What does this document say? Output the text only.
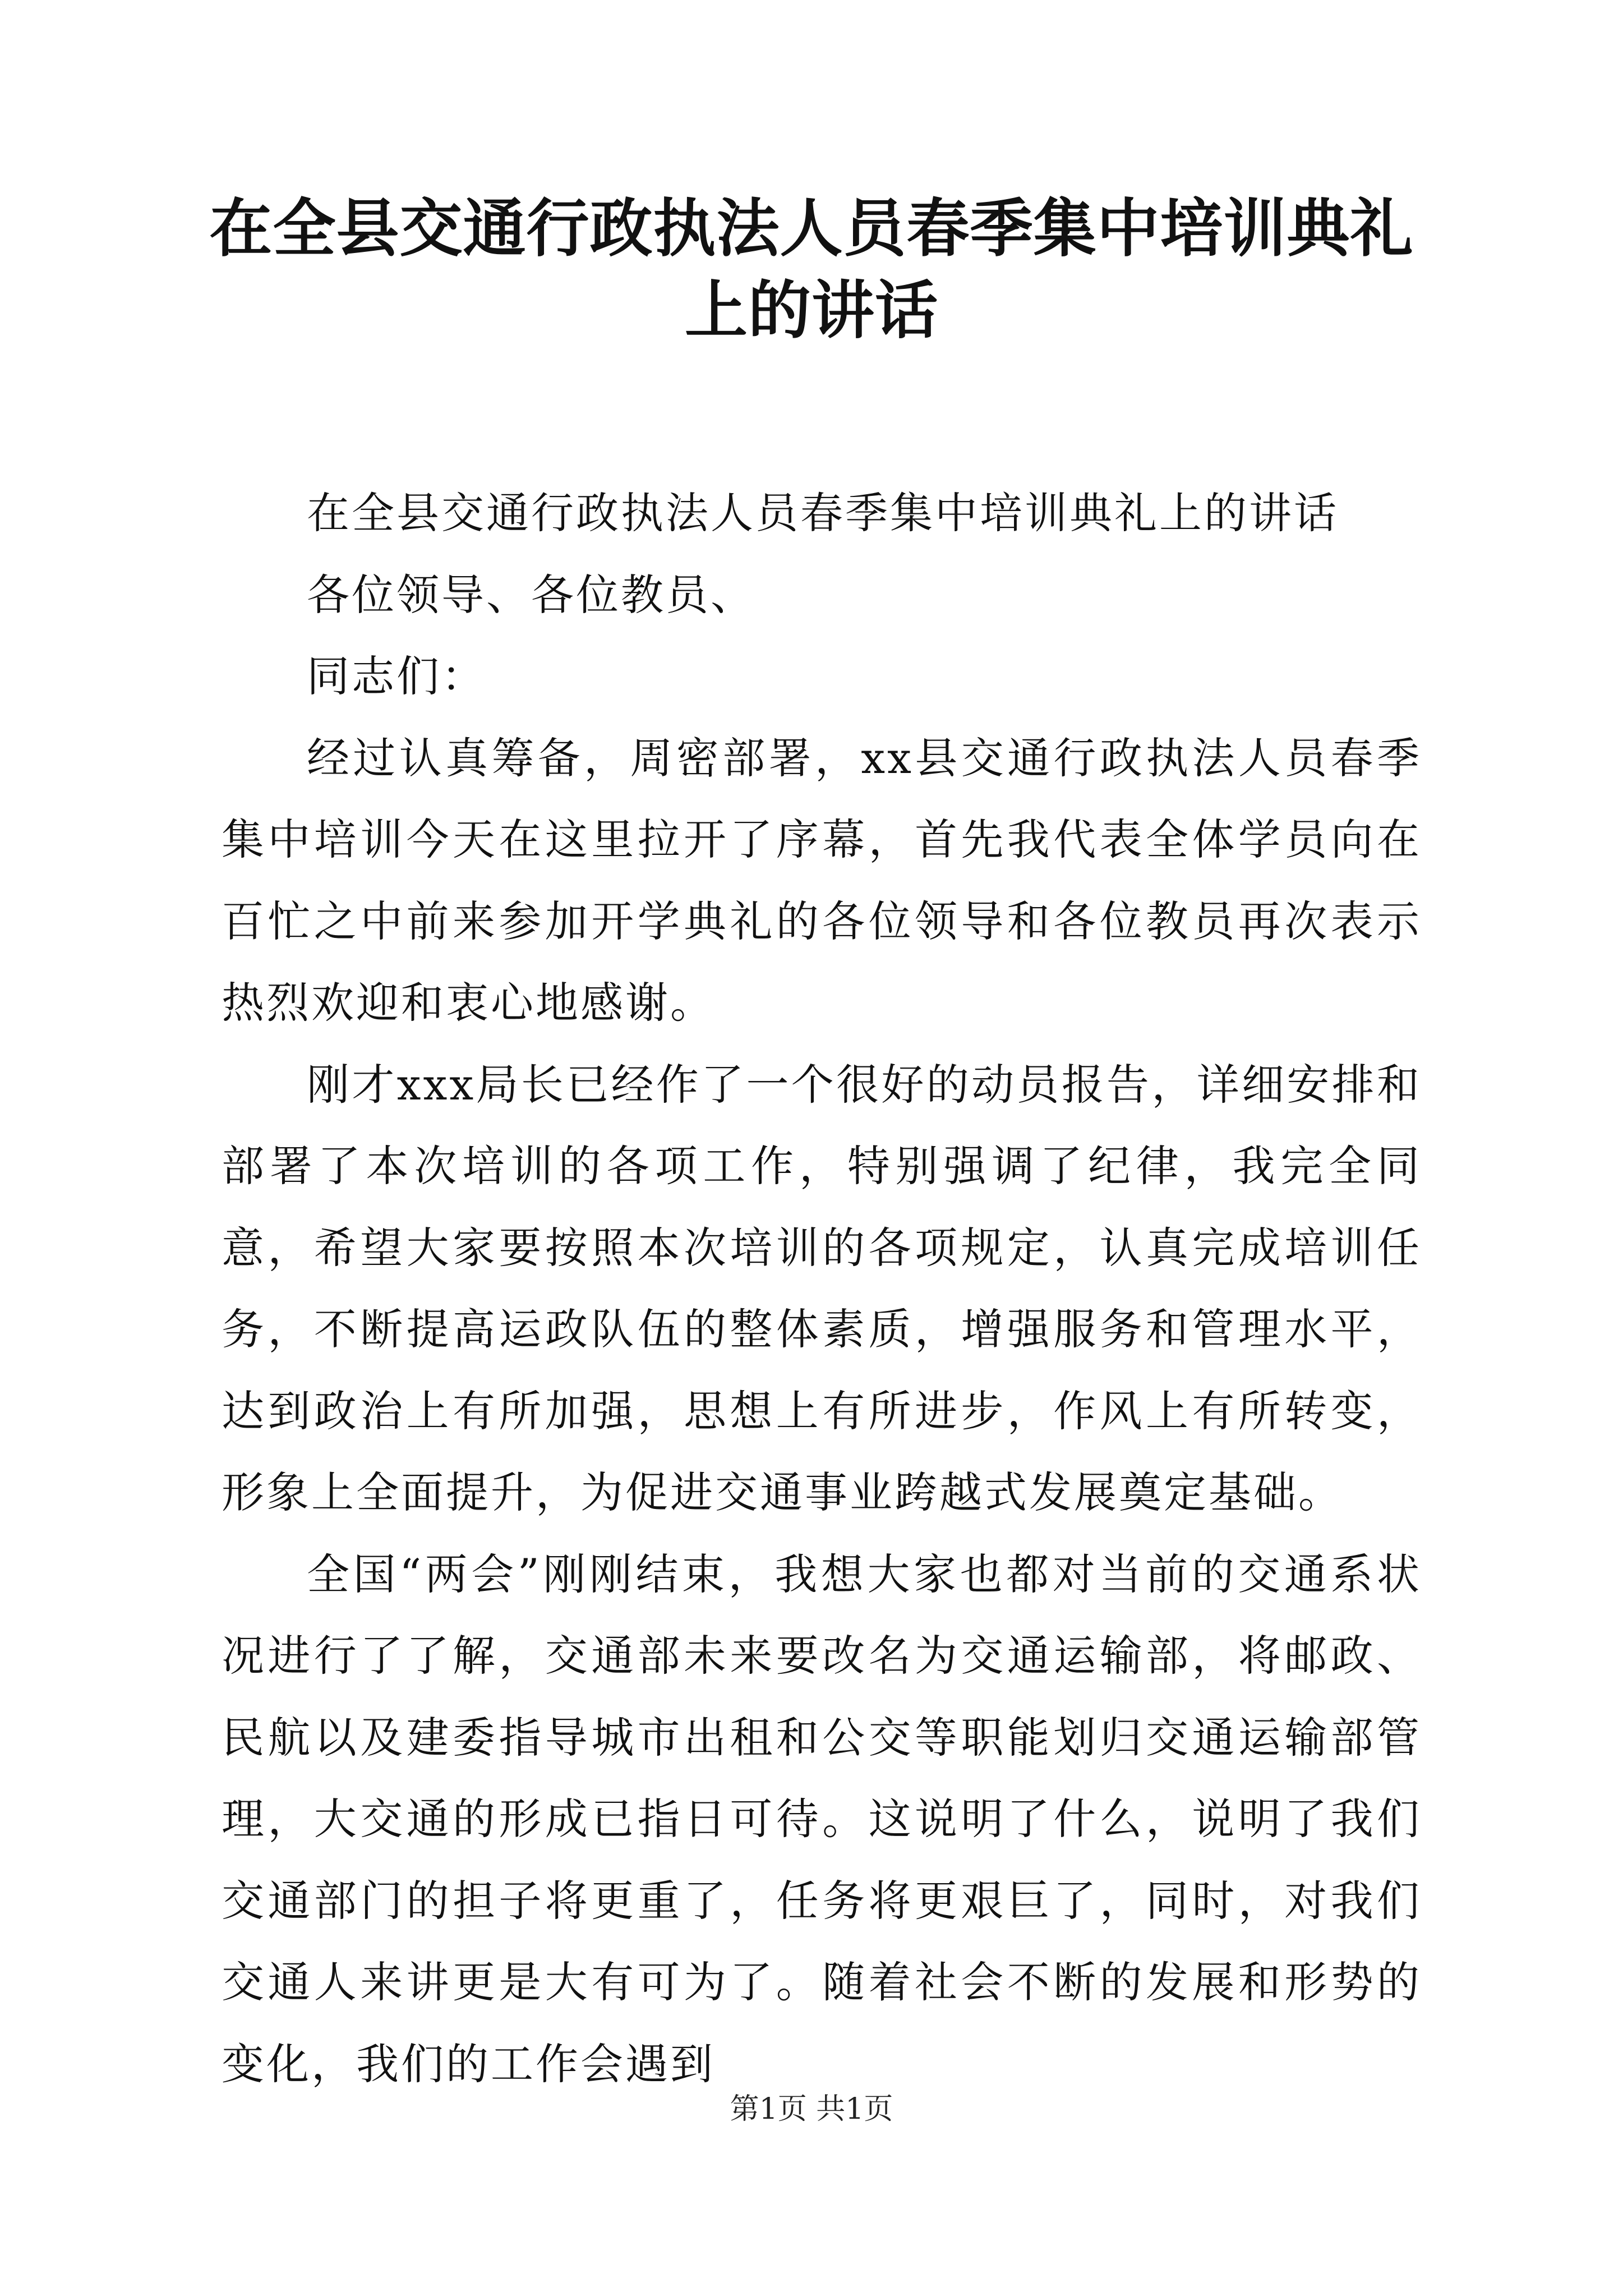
在全县交通行政执法人员春季集中培训典礼上的讲话

在全县交通行政执法人员春季集中培训典礼上的讲话

各位领导、各位教员、

同志们：

经过认真筹备，周密部署，xx县交通行政执法人员春季集中培训今天在这里拉开了序幕，首先我代表全体学员向在百忙之中前来参加开学典礼的各位领导和各位教员再次表示热烈欢迎和衷心地感谢。

刚才xxx局长已经作了一个很好的动员报告，详细安排和部署了本次培训的各项工作，特别强调了纪律，我完全同意，希望大家要按照本次培训的各项规定，认真完成培训任务，不断提高运政队伍的整体素质，增强服务和管理水平，达到政治上有所加强，思想上有所进步，作风上有所转变，形象上全面提升，为促进交通事业跨越式发展奠定基础。

全国“两会”刚刚结束，我想大家也都对当前的交通系状况进行了了解，交通部未来要改名为交通运输部，将邮政、民航以及建委指导城市出租和公交等职能划归交通运输部管理，大交通的形成已指日可待。这说明了什么，说明了我们交通部门的担子将更重了，任务将更艰巨了，同时，对我们交通人来讲更是大有可为了。随着社会不断的发展和形势的变化，我们的工作会遇到

第1页 共1页
